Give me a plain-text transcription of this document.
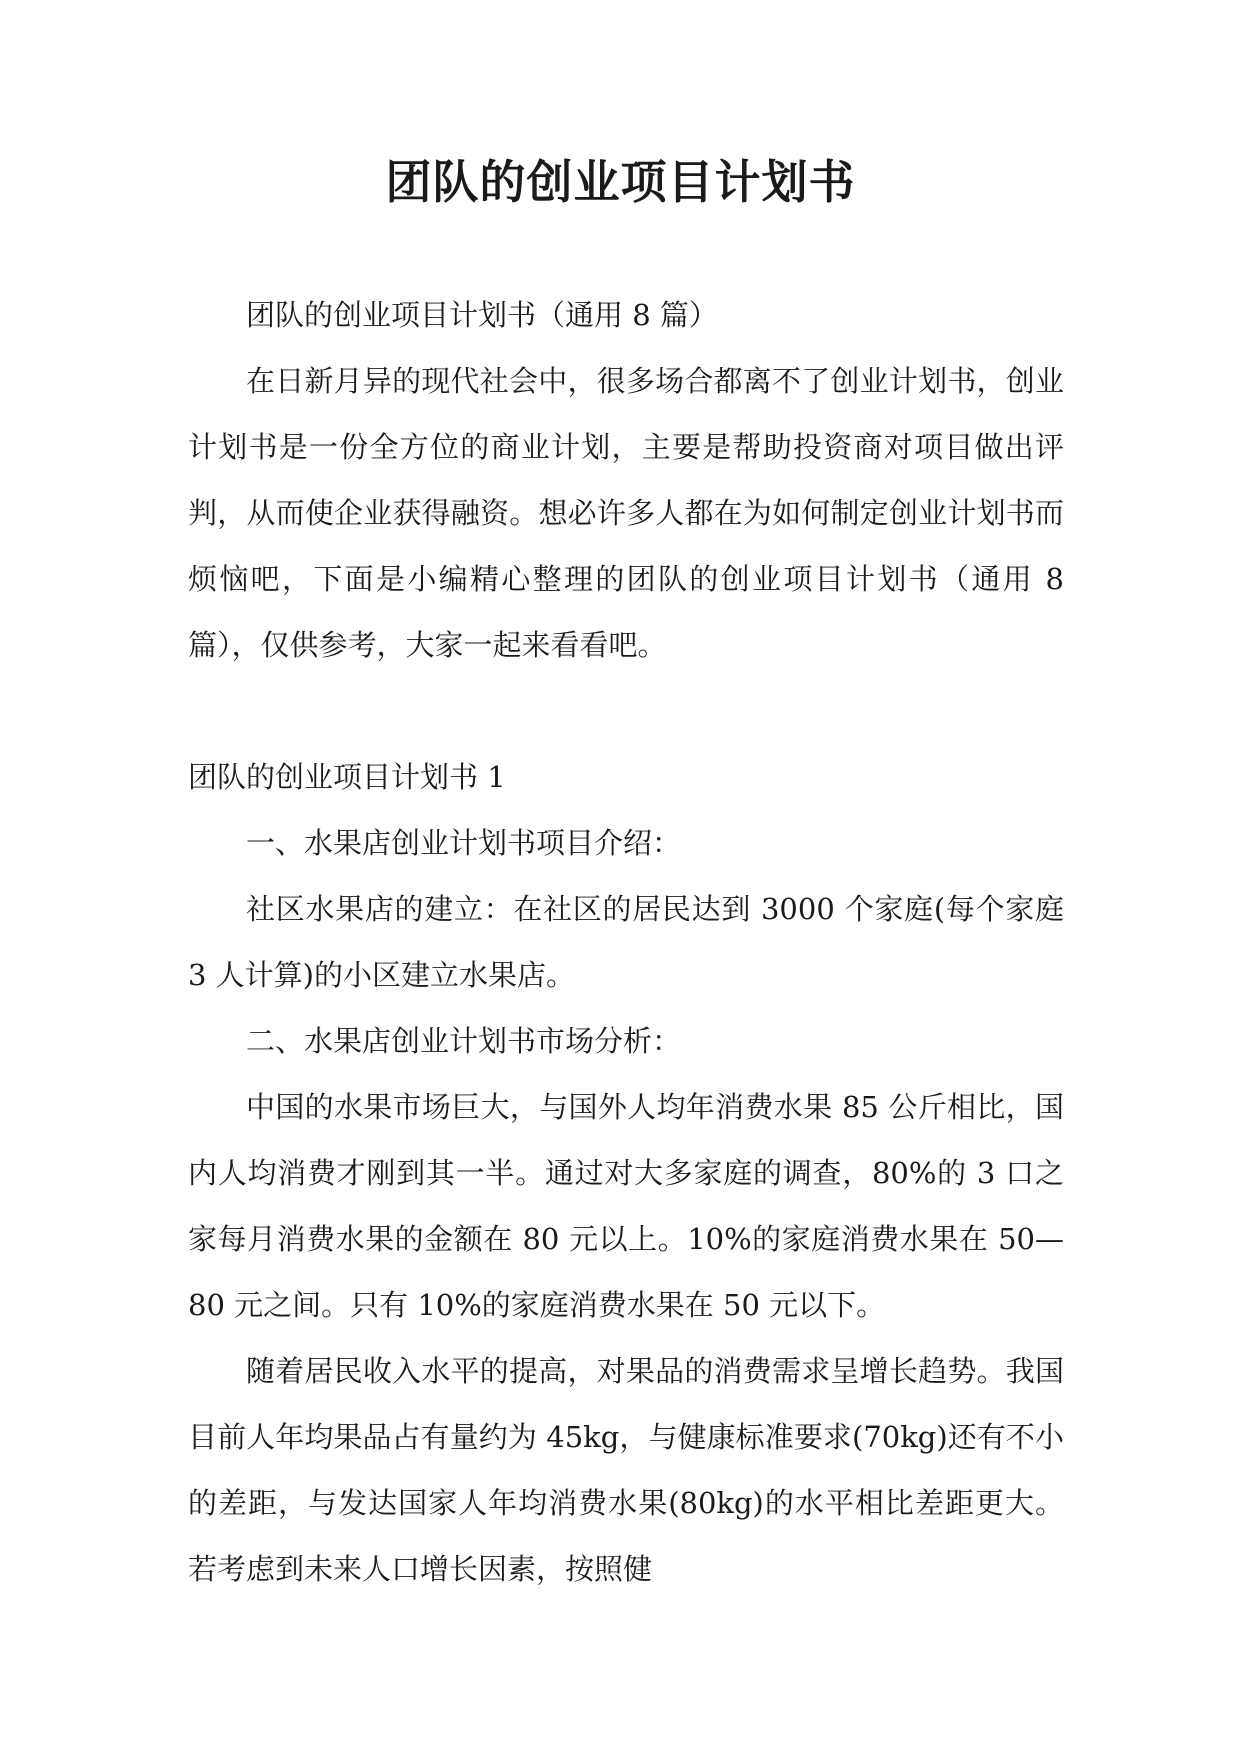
团队的创业项目计划书

团队的创业项目计划书（通用 8 篇）

在日新月异的现代社会中，很多场合都离不了创业计划书，创业计划书是一份全方位的商业计划，主要是帮助投资商对项目做出评判，从而使企业获得融资。想必许多人都在为如何制定创业计划书而烦恼吧，下面是小编精心整理的团队的创业项目计划书（通用 8 篇），仅供参考，大家一起来看看吧。

团队的创业项目计划书 1

一、水果店创业计划书项目介绍：

社区水果店的建立：在社区的居民达到 3000 个家庭(每个家庭 3 人计算)的小区建立水果店。

二、水果店创业计划书市场分析：

中国的水果市场巨大，与国外人均年消费水果 85 公斤相比，国内人均消费才刚到其一半。通过对大多家庭的调查，80%的 3 口之家每月消费水果的金额在 80 元以上。10%的家庭消费水果在 50—80 元之间。只有 10%的家庭消费水果在 50 元以下。

随着居民收入水平的提高，对果品的消费需求呈增长趋势。我国目前人年均果品占有量约为 45kg，与健康标准要求(70kg)还有不小的差距，与发达国家人年均消费水果(80kg)的水平相比差距更大。若考虑到未来人口增长因素，按照健
